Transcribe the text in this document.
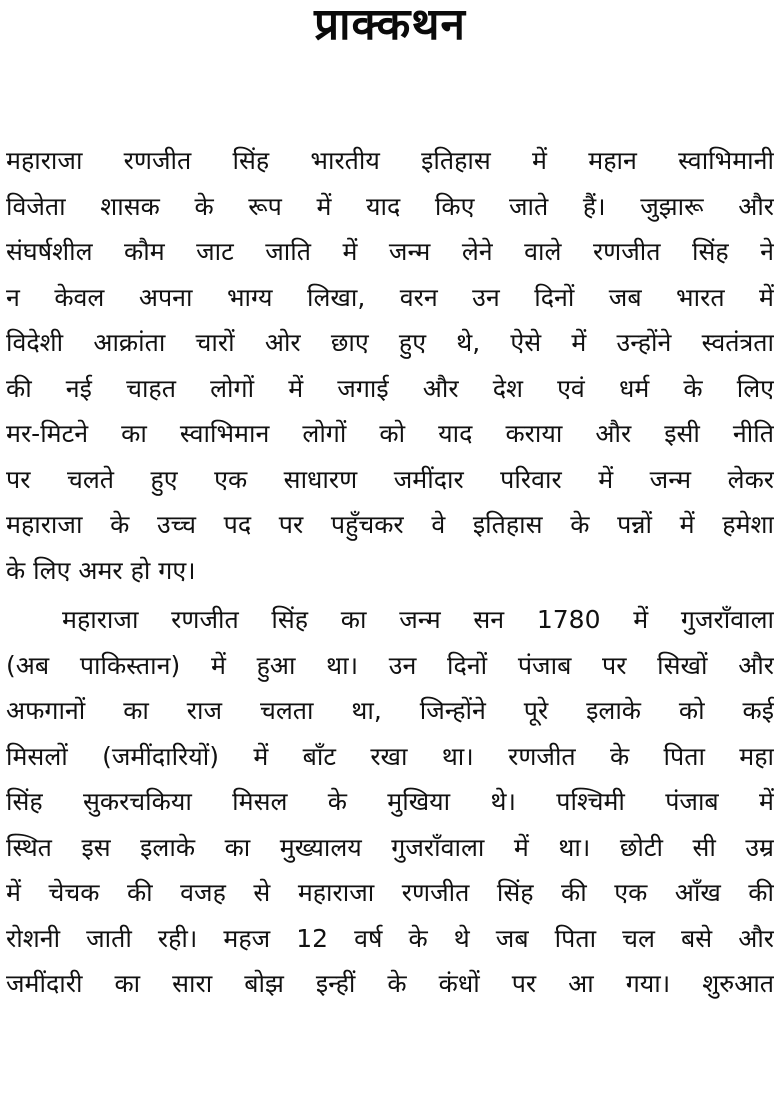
प्राक्कथन
महाराजा रणजीत सिंह भारतीय इतिहास में महान स्वाभिमानी
विजेता शासक के रूप में याद किए जाते हैं। जुझारू और
संघर्षशील कौम जाट जाति में जन्म लेने वाले रणजीत सिंह ने
न केवल अपना भाग्य लिखा, वरन उन दिनों जब भारत में
विदेशी आक्रांता चारों ओर छाए हुए थे, ऐसे में उन्होंने स्वतंत्रता
की नई चाहत लोगों में जगाई और देश एवं धर्म के लिए
मर-मिटने का स्वाभिमान लोगों को याद कराया और इसी नीति
पर चलते हुए एक साधारण जमींदार परिवार में जन्म लेकर
महाराजा के उच्च पद पर पहुँचकर वे इतिहास के पन्नों में हमेशा
के लिए अमर हो गए।
महाराजा रणजीत सिंह का जन्म सन 1780 में गुजराँवाला
(अब पाकिस्तान) में हुआ था। उन दिनों पंजाब पर सिखों और
अफगानों का राज चलता था, जिन्होंने पूरे इलाके को कई
मिसलों (जमींदारियों) में बाँट रखा था। रणजीत के पिता महा
सिंह सुकरचकिया मिसल के मुखिया थे। पश्चिमी पंजाब में
स्थित इस इलाके का मुख्यालय गुजराँवाला में था। छोटी सी उम्र
में चेचक की वजह से महाराजा रणजीत सिंह की एक आँख की
रोशनी जाती रही। महज 12 वर्ष के थे जब पिता चल बसे और
जमींदारी का सारा बोझ इन्हीं के कंधों पर आ गया। शुरुआत
